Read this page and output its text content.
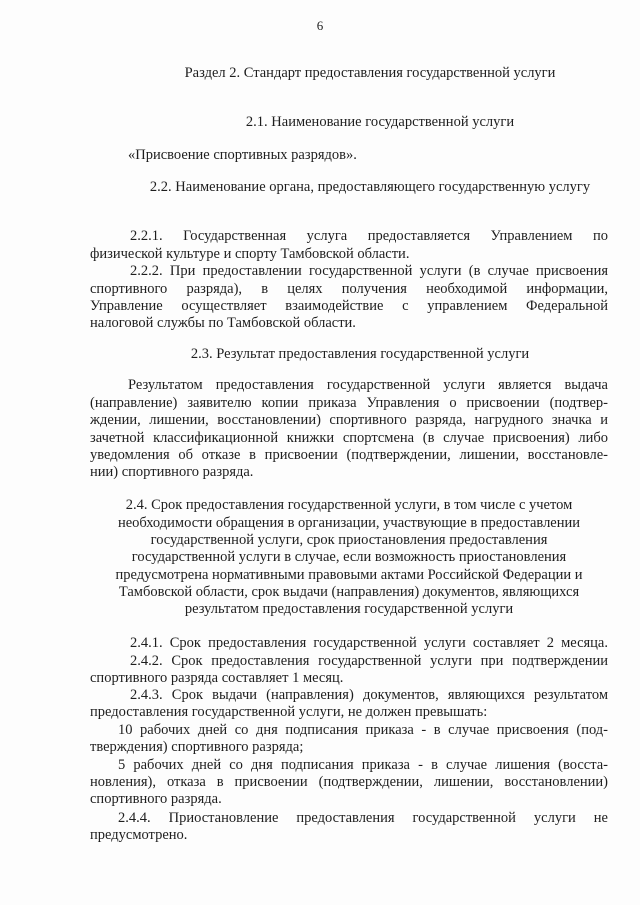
6
Раздел 2. Стандарт предоставления государственной услуги
2.1. Наименование государственной услуги
«Присвоение спортивных разрядов».
2.2. Наименование органа, предоставляющего государственную услугу
2.2.1. Государственная услуга предоставляется Управлением по
физической культуре и спорту Тамбовской области.
2.2.2. При предоставлении государственной услуги (в случае присвоения
спортивного разряда), в целях получения необходимой информации,
Управление осуществляет взаимодействие с управлением Федеральной
налоговой службы по Тамбовской области.
2.3. Результат предоставления государственной услуги
Результатом предоставления государственной услуги является выдача
(направление) заявителю копии приказа Управления о присвоении (подтвер-
ждении, лишении, восстановлении) спортивного разряда, нагрудного значка и
зачетной классификационной книжки спортсмена (в случае присвоения) либо
уведомления об отказе в присвоении (подтверждении, лишении, восстановле-
нии) спортивного разряда.
2.4. Срок предоставления государственной услуги, в том числе с учетом
необходимости обращения в организации, участвующие в предоставлении
государственной услуги, срок приостановления предоставления
государственной услуги в случае, если возможность приостановления
предусмотрена нормативными правовыми актами Российской Федерации и
Тамбовской области, срок выдачи (направления) документов, являющихся
результатом предоставления государственной услуги
2.4.1. Срок предоставления государственной услуги составляет 2 месяца.
2.4.2. Срок предоставления государственной услуги при подтверждении
спортивного разряда составляет 1 месяц.
2.4.3. Срок выдачи (направления) документов, являющихся результатом
предоставления государственной услуги, не должен превышать:
10 рабочих дней со дня подписания приказа - в случае присвоения (под-
тверждения) спортивного разряда;
5 рабочих дней со дня подписания приказа - в случае лишения (восста-
новления), отказа в присвоении (подтверждении, лишении, восстановлении)
спортивного разряда.
2.4.4. Приостановление предоставления государственной услуги не
предусмотрено.
